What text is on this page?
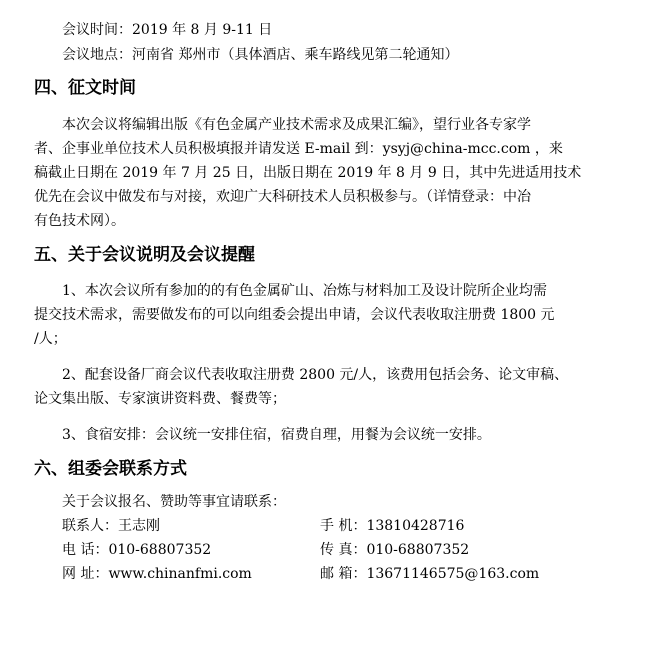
会议时间：2019 年 8 月 9-11 日
会议地点：河南省 郑州市（具体酒店、乘车路线见第二轮通知）
四、征文时间
本次会议将编辑出版《有色金属产业技术需求及成果汇编》，望行业各专家学
者、企事业单位技术人员积极填报并请发送 E-mail 到：ysyj@china-mcc.com ，来
稿截止日期在 2019 年 7 月 25 日，出版日期在 2019 年 8 月 9 日，其中先进适用技术
优先在会议中做发布与对接，欢迎广大科研技术人员积极参与。（详情登录：中冶
有色技术网）。
五、关于会议说明及会议提醒
1、本次会议所有参加的的有色金属矿山、冶炼与材料加工及设计院所企业均需
提交技术需求，需要做发布的可以向组委会提出申请，会议代表收取注册费 1800 元
/人；
2、配套设备厂商会议代表收取注册费 2800 元/人，该费用包括会务、论文审稿、
论文集出版、专家演讲资料费、餐费等；
3、食宿安排：会议统一安排住宿，宿费自理，用餐为会议统一安排。
六、组委会联系方式
关于会议报名、赞助等事宜请联系：
联系人：王志刚	手 机：13810428716
电 话：010-68807352	传 真：010-68807352
网 址：www.chinanfmi.com	邮 箱：13671146575@163.com
